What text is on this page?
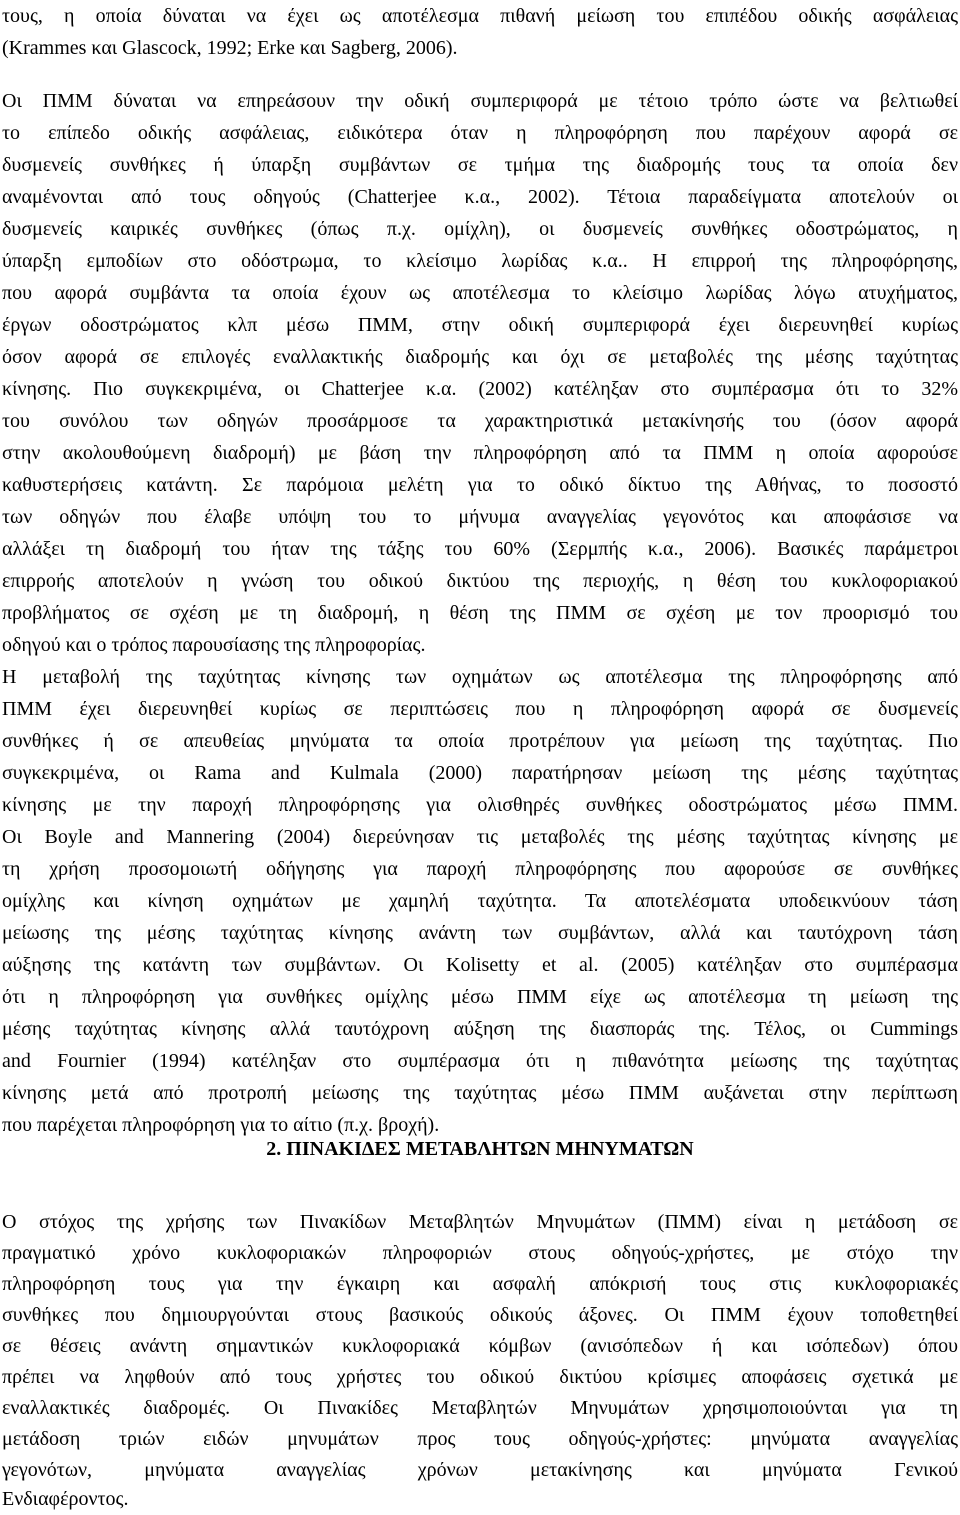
τους, η οποία δύναται να έχει ως αποτέλεσμα πιθανή μείωση του επιπέδου οδικής ασφάλειας
(Krammes και Glascock, 1992; Erke και Sagberg, 2006).
Οι ΠΜΜ δύναται να επηρεάσουν την οδική συμπεριφορά με τέτοιο τρόπο ώστε να βελτιωθεί
το επίπεδο οδικής ασφάλειας, ειδικότερα όταν η πληροφόρηση που παρέχουν αφορά σε
δυσμενείς συνθήκες ή ύπαρξη συμβάντων σε τμήμα της διαδρομής τους τα οποία δεν
αναμένονται από τους οδηγούς (Chatterjee κ.α., 2002). Τέτοια παραδείγματα αποτελούν οι
δυσμενείς καιρικές συνθήκες (όπως π.χ. ομίχλη), οι δυσμενείς συνθήκες οδοστρώματος, η
ύπαρξη εμποδίων στο οδόστρωμα, το κλείσιμο λωρίδας κ.α.. Η επιρροή της πληροφόρησης,
που αφορά συμβάντα τα οποία έχουν ως αποτέλεσμα το κλείσιμο λωρίδας λόγω ατυχήματος,
έργων οδοστρώματος κλπ μέσω ΠΜΜ, στην οδική συμπεριφορά έχει διερευνηθεί κυρίως
όσον αφορά σε επιλογές εναλλακτικής διαδρομής και όχι σε μεταβολές της μέσης ταχύτητας
κίνησης. Πιο συγκεκριμένα, οι Chatterjee κ.α. (2002) κατέληξαν στο συμπέρασμα ότι το 32%
του συνόλου των οδηγών προσάρμοσε τα χαρακτηριστικά μετακίνησής του (όσον αφορά
στην ακολουθούμενη διαδρομή) με βάση την πληροφόρηση από τα ΠΜΜ η οποία αφορούσε
καθυστερήσεις κατάντη. Σε παρόμοια μελέτη για το οδικό δίκτυο της Αθήνας, το ποσοστό
των οδηγών που έλαβε υπόψη του το μήνυμα αναγγελίας γεγονότος και αποφάσισε να
αλλάξει τη διαδρομή του ήταν της τάξης του 60% (Σερμπής κ.α., 2006). Βασικές παράμετροι
επιρροής αποτελούν η γνώση του οδικού δικτύου της περιοχής, η θέση του κυκλοφοριακού
προβλήματος σε σχέση με τη διαδρομή, η θέση της ΠΜΜ σε σχέση με τον προορισμό του
οδηγού και ο τρόπος παρουσίασης της πληροφορίας.
Η μεταβολή της ταχύτητας κίνησης των οχημάτων ως αποτέλεσμα της πληροφόρησης από
ΠΜΜ έχει διερευνηθεί κυρίως σε περιπτώσεις που η πληροφόρηση αφορά σε δυσμενείς
συνθήκες ή σε απευθείας μηνύματα τα οποία προτρέπουν για μείωση της ταχύτητας. Πιο
συγκεκριμένα, οι Rama and Kulmala (2000) παρατήρησαν μείωση της μέσης ταχύτητας
κίνησης με την παροχή πληροφόρησης για ολισθηρές συνθήκες οδοστρώματος μέσω ΠΜΜ.
Οι Boyle and Mannering (2004) διερεύνησαν τις μεταβολές της μέσης ταχύτητας κίνησης με
τη χρήση προσομοιωτή οδήγησης για παροχή πληροφόρησης που αφορούσε σε συνθήκες
ομίχλης και κίνηση οχημάτων με χαμηλή ταχύτητα. Τα αποτελέσματα υποδεικνύουν τάση
μείωσης της μέσης ταχύτητας κίνησης ανάντη των συμβάντων, αλλά και ταυτόχρονη τάση
αύξησης της κατάντη των συμβάντων. Οι Kolisetty et al. (2005) κατέληξαν στο συμπέρασμα
ότι η πληροφόρηση για συνθήκες ομίχλης μέσω ΠΜΜ είχε ως αποτέλεσμα τη μείωση της
μέσης ταχύτητας κίνησης αλλά ταυτόχρονη αύξηση της διασποράς της. Τέλος, οι Cummings
and Fournier (1994) κατέληξαν στο συμπέρασμα ότι η πιθανότητα μείωσης της ταχύτητας
κίνησης μετά από προτροπή μείωσης της ταχύτητας μέσω ΠΜΜ αυξάνεται στην περίπτωση
που παρέχεται πληροφόρηση για το αίτιο (π.χ. βροχή).
2. ΠΙΝΑΚΙΔΕΣ ΜΕΤΑΒΛΗΤΩΝ ΜΗΝΥΜΑΤΩΝ
Ο στόχος της χρήσης των Πινακίδων Μεταβλητών Μηνυμάτων (ΠΜΜ) είναι η μετάδοση σε
πραγματικό χρόνο κυκλοφοριακών πληροφοριών στους οδηγούς-χρήστες, με στόχο την
πληροφόρηση τους για την έγκαιρη και ασφαλή απόκρισή τους στις κυκλοφοριακές
συνθήκες που δημιουργούνται στους βασικούς οδικούς άξονες. Οι ΠΜΜ έχουν τοποθετηθεί
σε θέσεις ανάντη σημαντικών κυκλοφοριακά κόμβων (ανισόπεδων ή και ισόπεδων) όπου
πρέπει να ληφθούν από τους χρήστες του οδικού δικτύου κρίσιμες αποφάσεις σχετικά με
εναλλακτικές διαδρομές. Οι Πινακίδες Μεταβλητών Μηνυμάτων χρησιμοποιούνται για τη
μετάδοση τριών ειδών μηνυμάτων προς τους οδηγούς-χρήστες: μηνύματα αναγγελίας
γεγονότων, μηνύματα αναγγελίας χρόνων μετακίνησης και μηνύματα Γενικού
Ενδιαφέροντος.
